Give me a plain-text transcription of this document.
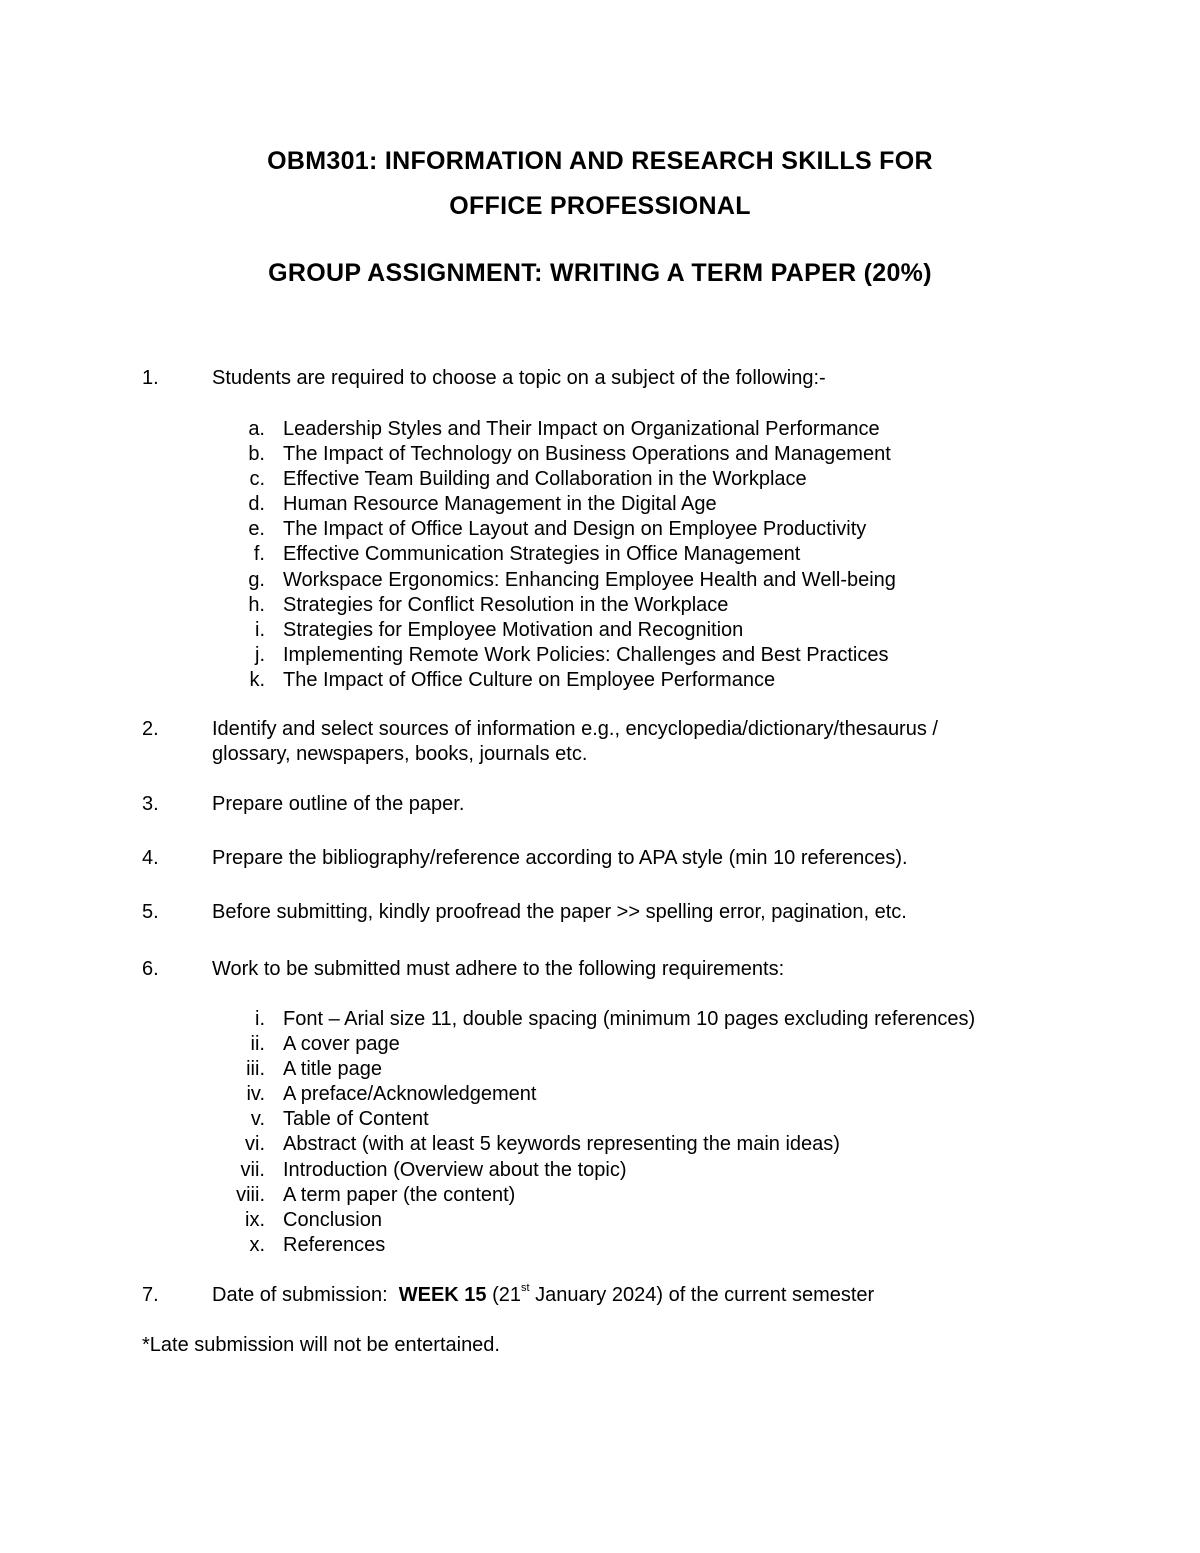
OBM301: INFORMATION AND RESEARCH SKILLS FOR
OFFICE PROFESSIONAL
GROUP ASSIGNMENT: WRITING A TERM PAPER (20%)
1.	Students are required to choose a topic on a subject of the following:-
a. Leadership Styles and Their Impact on Organizational Performance
b. The Impact of Technology on Business Operations and Management
c. Effective Team Building and Collaboration in the Workplace
d. Human Resource Management in the Digital Age
e. The Impact of Office Layout and Design on Employee Productivity
f. Effective Communication Strategies in Office Management
g. Workspace Ergonomics: Enhancing Employee Health and Well-being
h. Strategies for Conflict Resolution in the Workplace
i. Strategies for Employee Motivation and Recognition
j. Implementing Remote Work Policies: Challenges and Best Practices
k. The Impact of Office Culture on Employee Performance
2.	Identify and select sources of information e.g., encyclopedia/dictionary/thesaurus / glossary, newspapers, books, journals etc.
3.	Prepare outline of the paper.
4.	Prepare the bibliography/reference according to APA style (min 10 references).
5.	Before submitting, kindly proofread the paper >> spelling error, pagination, etc.
6.	Work to be submitted must adhere to the following requirements:
i. Font – Arial size 11, double spacing (minimum 10 pages excluding references)
ii. A cover page
iii. A title page
iv. A preface/Acknowledgement
v. Table of Content
vi. Abstract (with at least 5 keywords representing the main ideas)
vii. Introduction (Overview about the topic)
viii. A term paper (the content)
ix. Conclusion
x. References
7.	Date of submission:  WEEK 15 (21st January 2024) of the current semester
*Late submission will not be entertained.
